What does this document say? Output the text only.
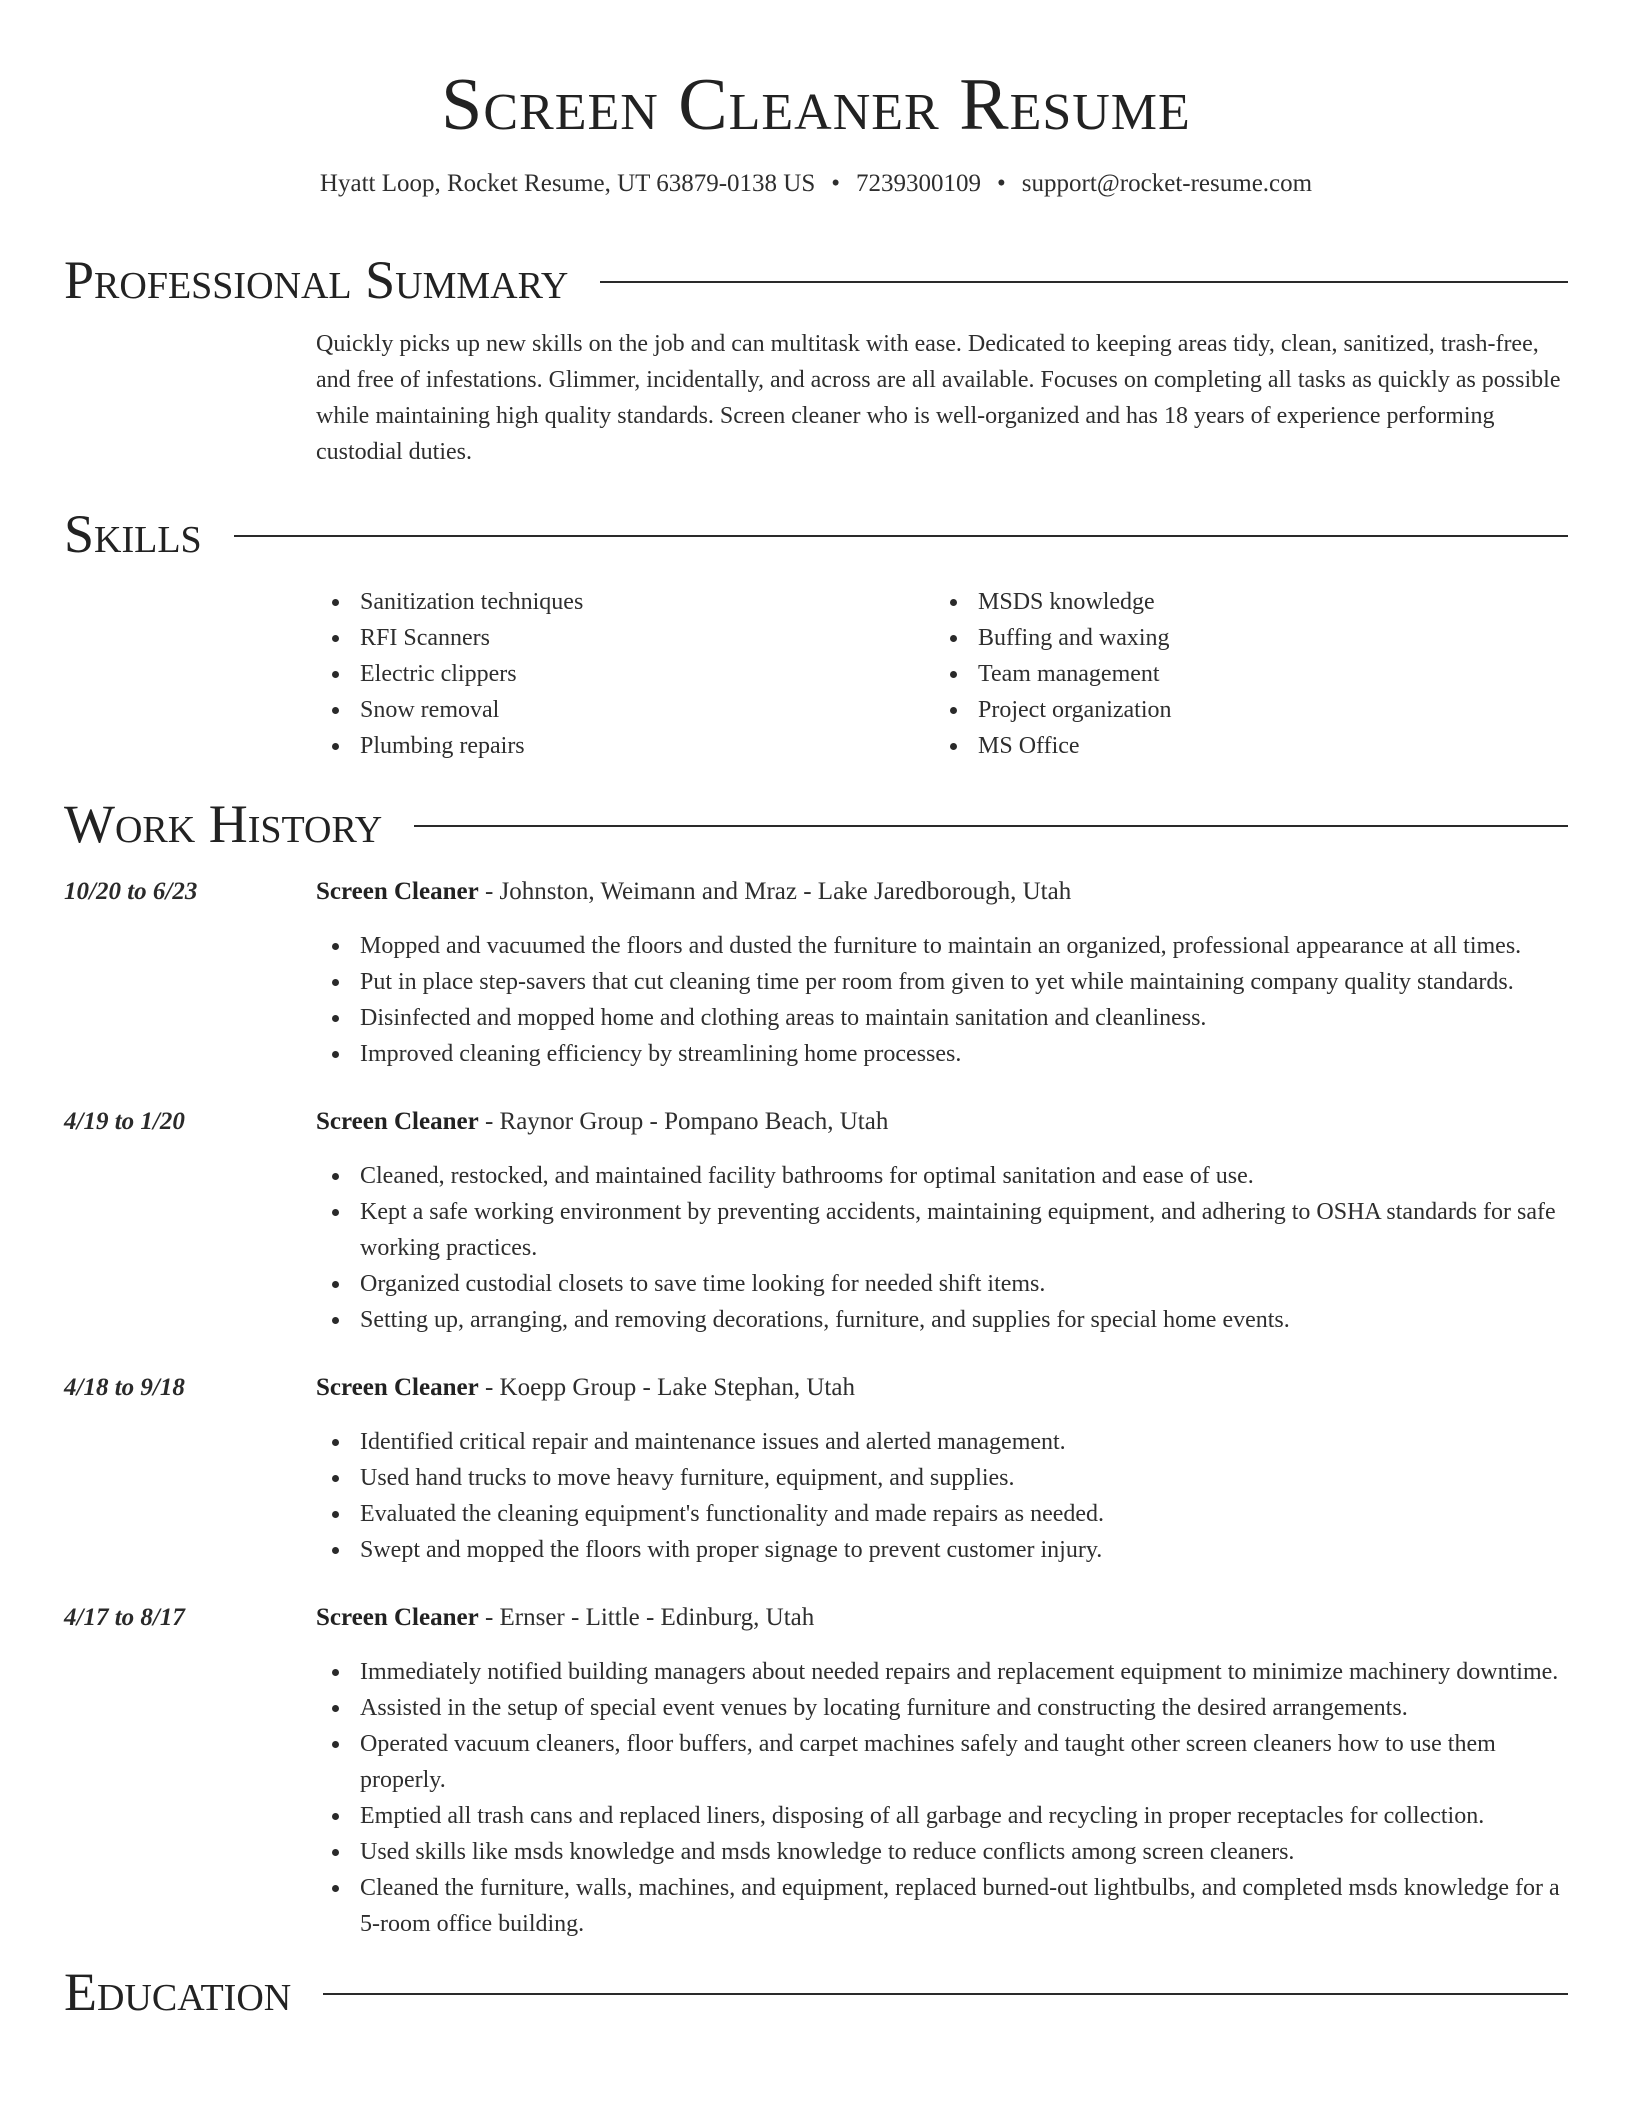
Screen Cleaner Resume
Hyatt Loop, Rocket Resume, UT 63879-0138 US • 7239300109 • support@rocket-resume.com
Professional Summary

Quickly picks up new skills on the job and can multitask with ease. Dedicated to keeping areas tidy, clean, sanitized, trash-free, and free of infestations. Glimmer, incidentally, and across are all available. Focuses on completing all tasks as quickly as possible while maintaining high quality standards. Screen cleaner who is well-organized and has 18 years of experience performing custodial duties.

Skills
Sanitization techniques
RFI Scanners
Electric clippers
Snow removal
Plumbing repairs
MSDS knowledge
Buffing and waxing
Team management
Project organization
MS Office
Work History
10/20 to 6/23	Screen Cleaner - Johnston, Weimann and Mraz - Lake Jaredborough, Utah
Mopped and vacuumed the floors and dusted the furniture to maintain an organized, professional appearance at all times.
Put in place step-savers that cut cleaning time per room from given to yet while maintaining company quality standards.
Disinfected and mopped home and clothing areas to maintain sanitation and cleanliness.
Improved cleaning efficiency by streamlining home processes.
4/19 to 1/20	Screen Cleaner - Raynor Group - Pompano Beach, Utah
Cleaned, restocked, and maintained facility bathrooms for optimal sanitation and ease of use.
Kept a safe working environment by preventing accidents, maintaining equipment, and adhering to OSHA standards for safe working practices.
Organized custodial closets to save time looking for needed shift items.
Setting up, arranging, and removing decorations, furniture, and supplies for special home events.
4/18 to 9/18	Screen Cleaner - Koepp Group - Lake Stephan, Utah
Identified critical repair and maintenance issues and alerted management.
Used hand trucks to move heavy furniture, equipment, and supplies.
Evaluated the cleaning equipment's functionality and made repairs as needed.
Swept and mopped the floors with proper signage to prevent customer injury.
4/17 to 8/17	Screen Cleaner - Ernser - Little - Edinburg, Utah
Immediately notified building managers about needed repairs and replacement equipment to minimize machinery downtime.
Assisted in the setup of special event venues by locating furniture and constructing the desired arrangements.
Operated vacuum cleaners, floor buffers, and carpet machines safely and taught other screen cleaners how to use them properly.
Emptied all trash cans and replaced liners, disposing of all garbage and recycling in proper receptacles for collection.
Used skills like msds knowledge and msds knowledge to reduce conflicts among screen cleaners.
Cleaned the furniture, walls, machines, and equipment, replaced burned-out lightbulbs, and completed msds knowledge for a 5-room office building.
Education
